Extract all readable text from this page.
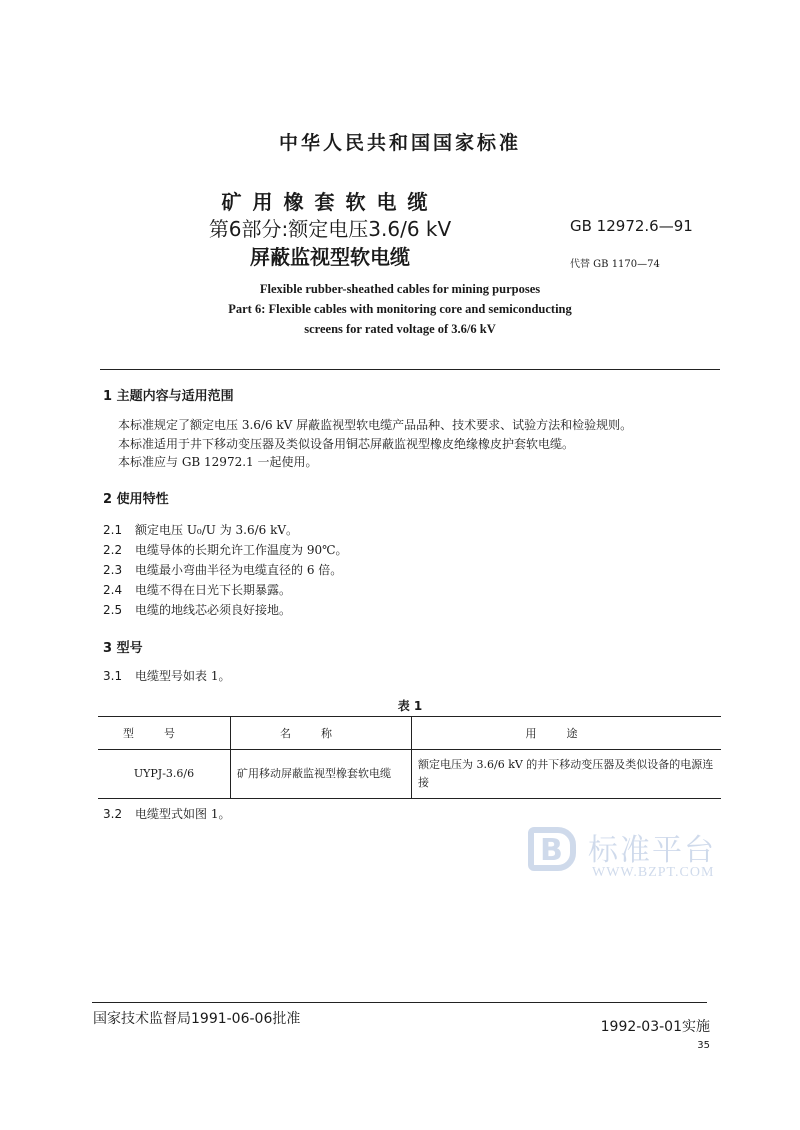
中华人民共和国国家标准
矿用橡套软电缆
第6部分:额定电压3.6/6 kV
屏蔽监视型软电缆
GB 12972.6—91
代替 GB 1170—74
Flexible rubber-sheathed cables for mining purposes
Part 6: Flexible cables with monitoring core and semiconducting
screens for rated voltage of 3.6/6 kV
1 主题内容与适用范围
本标准规定了额定电压 3.6/6 kV 屏蔽监视型软电缆产品品种、技术要求、试验方法和检验规则。
本标准适用于井下移动变压器及类似设备用铜芯屏蔽监视型橡皮绝缘橡皮护套软电缆。
本标准应与 GB 12972.1 一起使用。
2 使用特性
2.1 额定电压 U₀/U 为 3.6/6 kV。
2.2 电缆导体的长期允许工作温度为 90℃。
2.3 电缆最小弯曲半径为电缆直径的 6 倍。
2.4 电缆不得在日光下长期暴露。
2.5 电缆的地线芯必须良好接地。
3 型号
3.1 电缆型号如表 1。
表 1
型号	名称	用途
UYPJ-3.6/6	矿用移动屏蔽监视型橡套软电缆	额定电压为 3.6/6 kV 的井下移动变压器及类似设备的电源连接
3.2 电缆型式如图 1。
B 标准平台
WWW.BZPT.COM
国家技术监督局1991-06-06批准	1992-03-01实施
35
